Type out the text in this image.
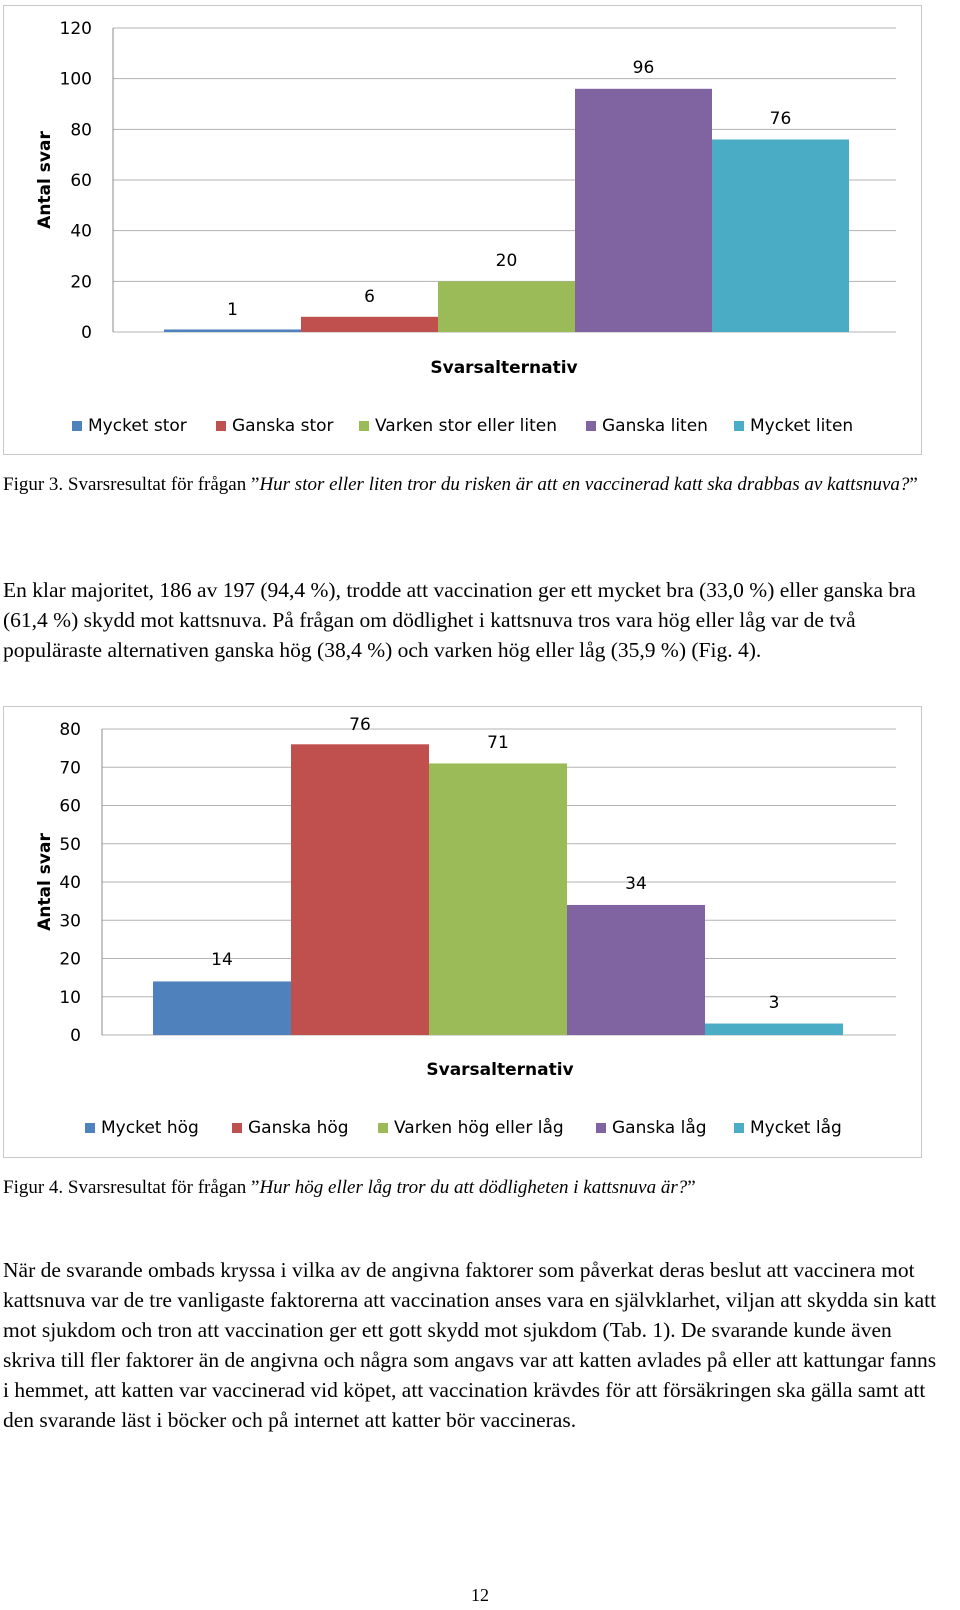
0
20
40
60
80
100
120
Antal svar
1
6
20
96
76
Svarsalternativ
Mycket stor	Ganska stor Varken stor eller liten	Ganska liten Mycket liten

Figur 3. Svarsresultat för frågan ”Hur stor eller liten tror du risken är att en vaccinerad katt ska drabbas av kattsnuva?”

En klar majoritet, 186 av 197 (94,4 %), trodde att vaccination ger ett mycket bra (33,0 %) eller ganska bra (61,4 %) skydd mot kattsnuva. På frågan om dödlighet i kattsnuva tros vara hög eller låg var de två populäraste alternativen ganska hög (38,4 %) och varken hög eller låg (35,9 %) (Fig. 4).

0
10
20
30
40
50
60
70
80
Antal svar
14
76
71
34
3
Svarsalternativ
Mycket hög	Ganska hög	Varken hög eller låg	Ganska låg	Mycket låg

Figur 4. Svarsresultat för frågan ”Hur hög eller låg tror du att dödligheten i kattsnuva är?”

När de svarande ombads kryssa i vilka av de angivna faktorer som påverkat deras beslut att vaccinera mot kattsnuva var de tre vanligaste faktorerna att vaccination anses vara en självklarhet, viljan att skydda sin katt mot sjukdom och tron att vaccination ger ett gott skydd mot sjukdom (Tab. 1). De svarande kunde även skriva till fler faktorer än de angivna och några som angavs var att katten avlades på eller att kattungar fanns i hemmet, att katten var vaccinerad vid köpet, att vaccination krävdes för att försäkringen ska gälla samt att den svarande läst i böcker och på internet att katter bör vaccineras.

12
